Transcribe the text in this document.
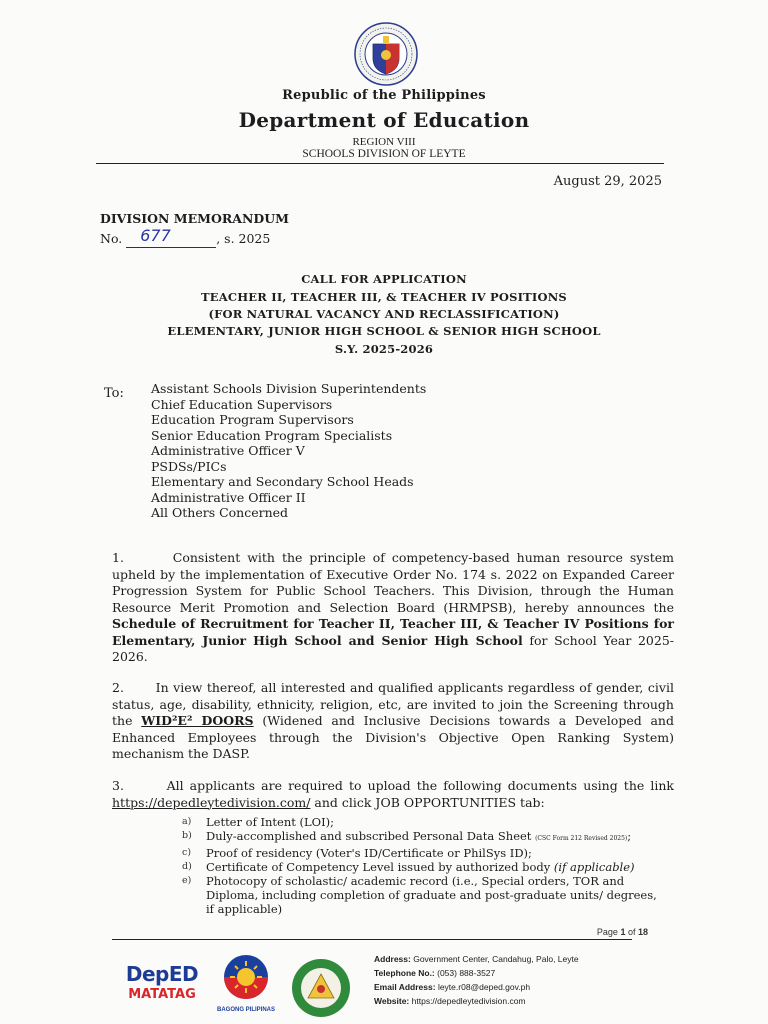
Republic of the Philippines
Department of Education
REGION VIII
SCHOOLS DIVISION OF LEYTE
August 29, 2025
DIVISION MEMORANDUM
No. 677	, s. 2025
CALL FOR APPLICATION
TEACHER II, TEACHER III, & TEACHER IV POSITIONS
(FOR NATURAL VACANCY AND RECLASSIFICATION)
ELEMENTARY, JUNIOR HIGH SCHOOL & SENIOR HIGH SCHOOL
S.Y. 2025-2026
To: Assistant Schools Division Superintendents
Chief Education Supervisors
Education Program Supervisors
Senior Education Program Specialists
Administrative Officer V
PSDSs/PICs
Elementary and Secondary School Heads
Administrative Officer II
All Others Concerned
1.	Consistent with the principle of competency-based human resource system upheld by the implementation of Executive Order No. 174 s. 2022 on Expanded Career Progression System for Public School Teachers. This Division, through the Human Resource Merit Promotion and Selection Board (HRMPSB), hereby announces the Schedule of Recruitment for Teacher II, Teacher III, & Teacher IV Positions for Elementary, Junior High School and Senior High School for School Year 2025-2026.
2.	In view thereof, all interested and qualified applicants regardless of gender, civil status, age, disability, ethnicity, religion, etc, are invited to join the Screening through the WID²E² DOORS (Widened and Inclusive Decisions towards a Developed and Enhanced Employees through the Division's Objective Open Ranking System) mechanism the DASP.
3.	All applicants are required to upload the following documents using the link https://depedleytedivision.com/ and click JOB OPPORTUNITIES tab:
a) Letter of Intent (LOI);
b) Duly-accomplished and subscribed Personal Data Sheet (CSC Form 212 Revised 2025);
c) Proof of residency (Voter's ID/Certificate or PhilSys ID);
d) Certificate of Competency Level issued by authorized body (if applicable)
e) Photocopy of scholastic/ academic record (i.e., Special orders, TOR and Diploma, including completion of graduate and post-graduate units/ degrees, if applicable)
Page 1 of 18
DepED
MATATAG
BAGONG PILIPINAS
Address: Government Center, Candahug, Palo, Leyte
Telephone No.: (053) 888-3527
Email Address: leyte.r08@deped.gov.ph
Website: https://depedleytedivision.com
